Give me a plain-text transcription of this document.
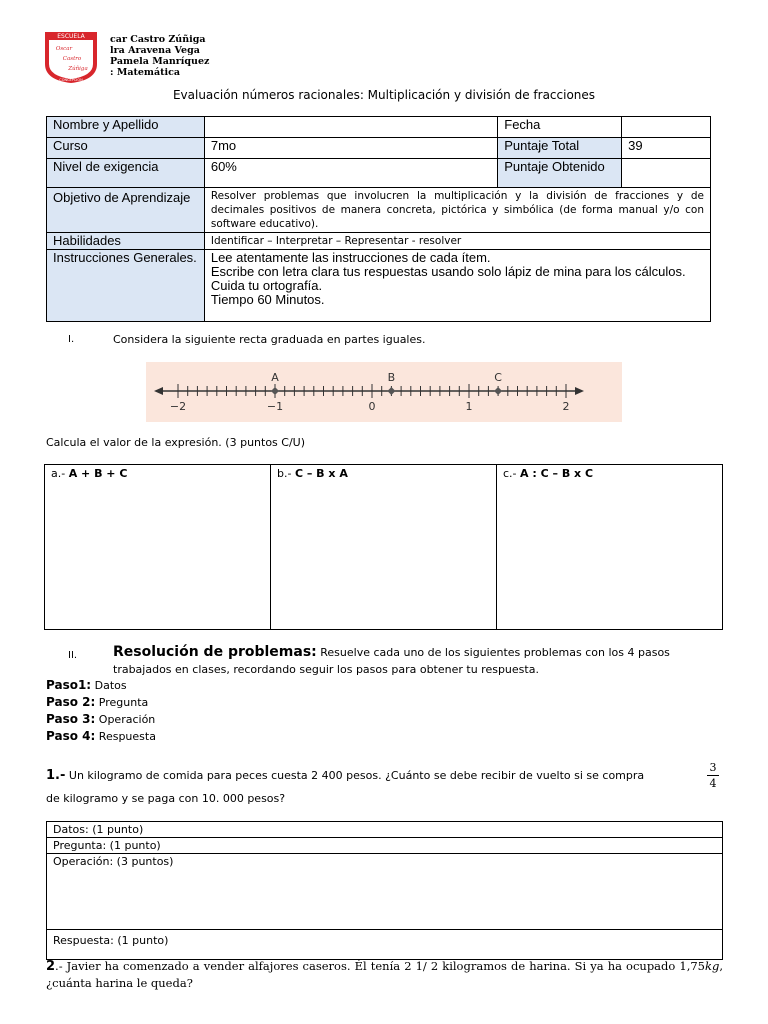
ESCUELA
Oscar
Castro
Zúñiga
CONCEPCIÓN
car Castro Zúñiga
lra Aravena Vega
Pamela Manríquez
: Matemática
Evaluación números racionales: Multiplicación y división de fracciones
Nombre y Apellido		Fecha	
Curso	7mo	Puntaje Total	39
Nivel de exigencia	60%	Puntaje Obtenido	
Objetivo de Aprendizaje	Resolver problemas que involucren la multiplicación y la división de fracciones y de decimales positivos de manera concreta, pictórica y simbólica (de forma manual y/o con software educativo).		
Habilidades	Identificar – Interpretar – Representar - resolver		
Instrucciones Generales.	Lee atentamente las instrucciones de cada ítem.
Escribe con letra clara tus respuestas usando solo lápiz de mina para los cálculos.
Cuida tu ortografía.
Tiempo 60 Minutos.		
I.	Considera la siguiente recta graduada en partes iguales.
−2	−1	0	1	2
A	B	C
Calcula el valor de la expresión. (3 puntos C/U)
a.- A + B + C	b.- C – B x A	c.- A : C – B x C
II.	Resolución de problemas: Resuelve cada uno de los siguientes problemas con los 4 pasos
trabajados en clases, recordando seguir los pasos para obtener tu respuesta.
Paso1: Datos
Paso 2: Pregunta
Paso 3: Operación
Paso 4: Respuesta
1.- Un kilogramo de comida para peces cuesta 2 400 pesos. ¿Cuánto se debe recibir de vuelto si se compra
3
4
de kilogramo y se paga con 10. 000 pesos?
Datos: (1 punto)
Pregunta: (1 punto)
Operación: (3 puntos)
Respuesta: (1 punto)
2.- Javier ha comenzado a vender alfajores caseros. Él tenía 2 1/ 2 kilogramos de harina. Si ya ha ocupado 1,75kg, ¿cuánta harina le queda?
